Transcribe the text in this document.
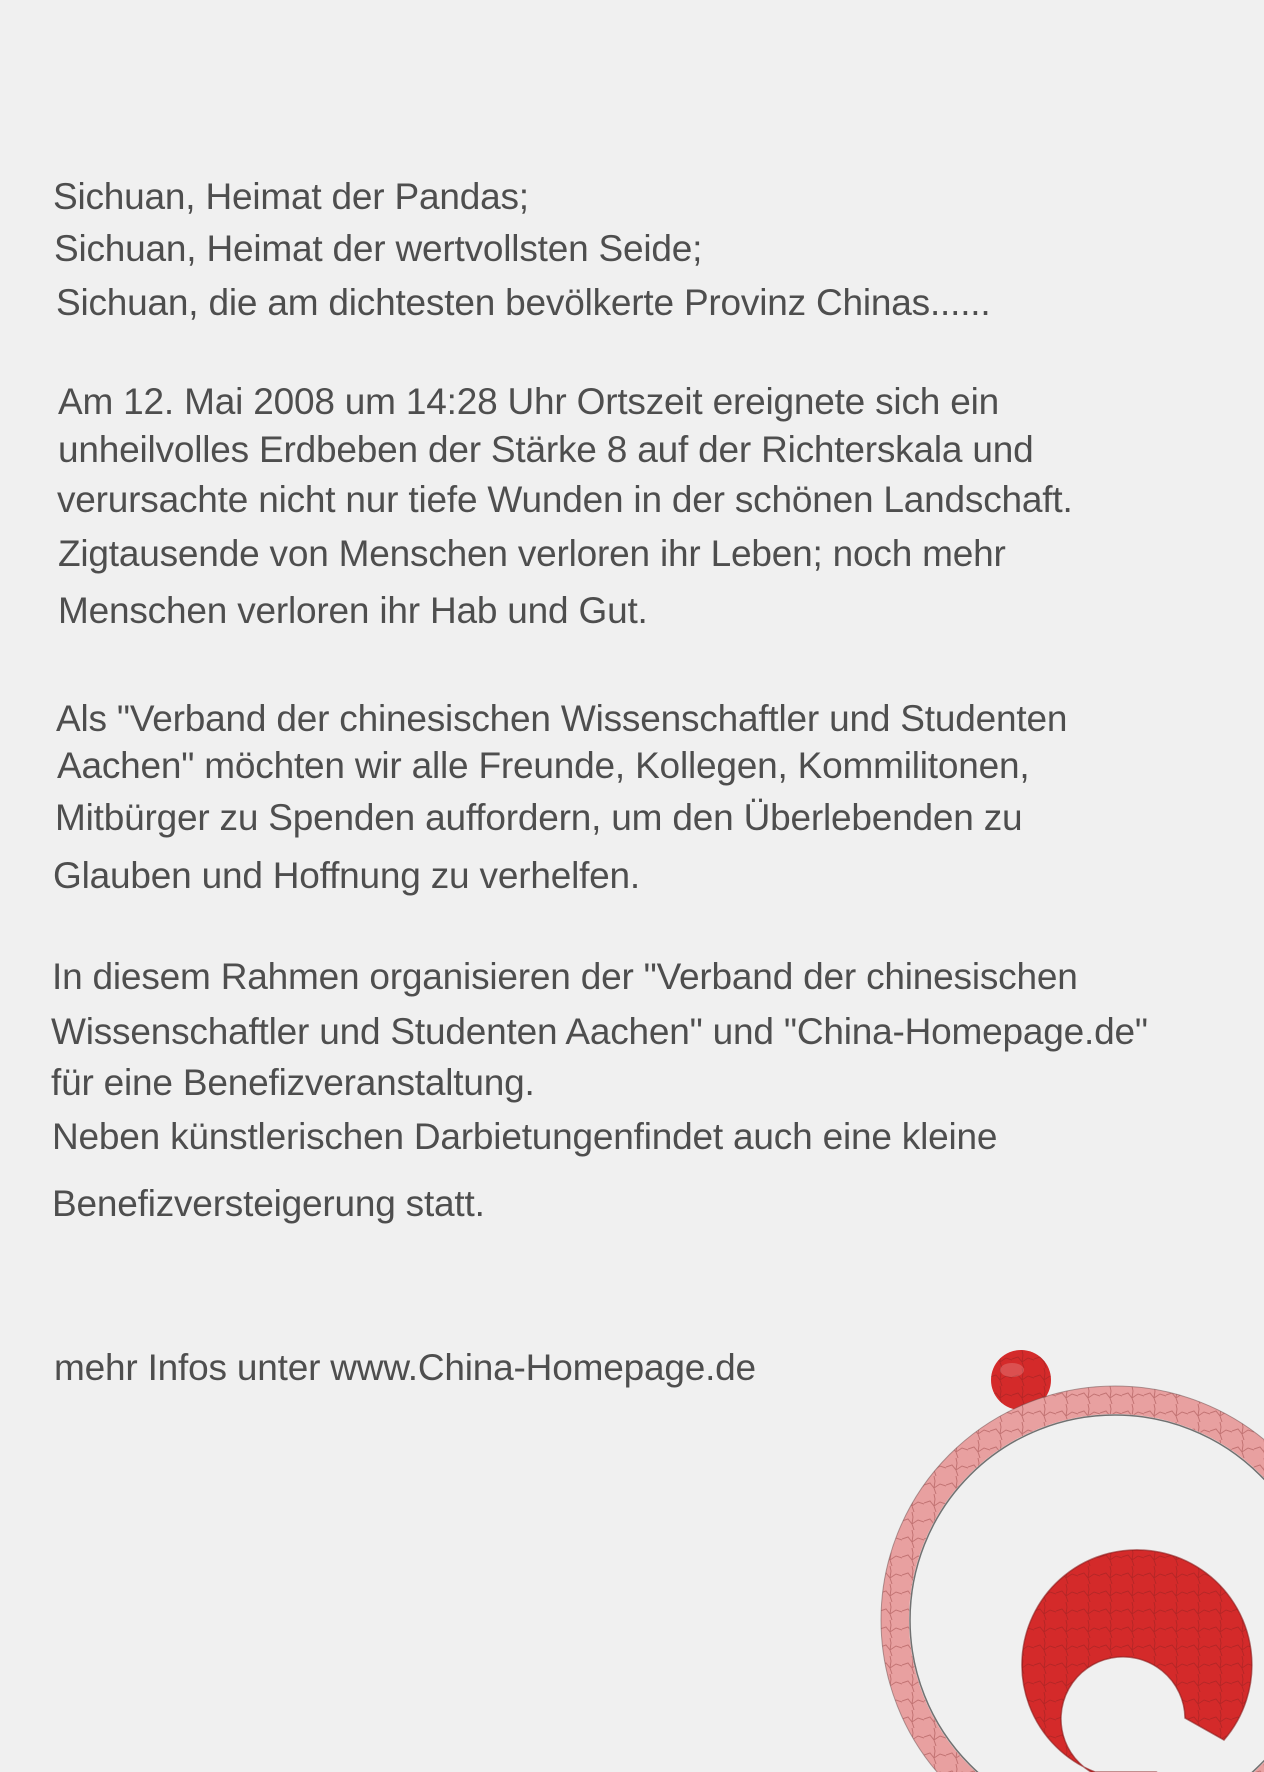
Sichuan, Heimat der Pandas;
Sichuan, Heimat der wertvollsten Seide;
Sichuan, die am dichtesten bevölkerte Provinz Chinas......
Am 12. Mai 2008 um 14:28 Uhr Ortszeit ereignete sich ein
unheilvolles Erdbeben der Stärke 8 auf der Richterskala und
verursachte nicht nur tiefe Wunden in der schönen Landschaft.
Zigtausende von Menschen verloren ihr Leben; noch mehr
Menschen verloren ihr Hab und Gut.
Als "Verband der chinesischen Wissenschaftler und Studenten
Aachen" möchten wir alle Freunde, Kollegen, Kommilitonen,
Mitbürger zu Spenden auffordern, um den Überlebenden zu
Glauben und Hoffnung zu verhelfen.
In diesem Rahmen organisieren der "Verband der chinesischen
Wissenschaftler und Studenten Aachen" und "China-Homepage.de"
für eine Benefizveranstaltung.
Neben künstlerischen Darbietungenfindet auch eine kleine
Benefizversteigerung statt.
mehr Infos unter www.China-Homepage.de
